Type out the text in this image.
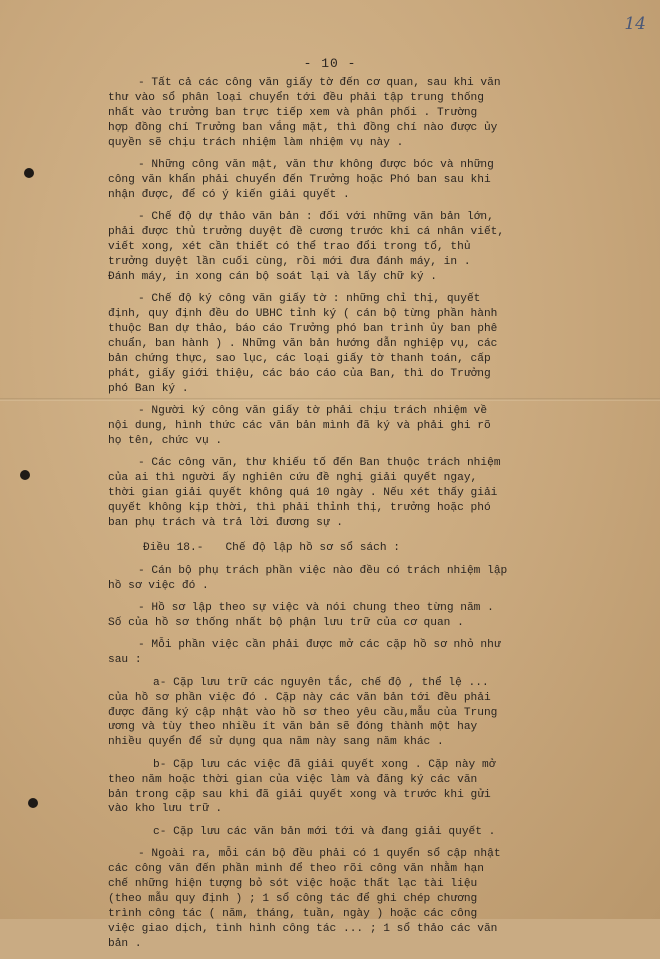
14
- 10 -
- Tất cả các công văn giấy tờ đến cơ quan, sau khi văn
thư vào sổ phân loại chuyển tới đều phải tập trung thống
nhất vào trưởng ban trực tiếp xem và phân phối . Trường
hợp đồng chí Trưởng ban vắng mặt, thì đồng chí nào được ủy
quyền sẽ chịu trách nhiệm làm nhiệm vụ này .
- Những công văn mật, văn thư không được bóc và những
công văn khẩn phải chuyển đến Trưởng hoặc Phó ban sau khi
nhận được, để có ý kiến giải quyết .
- Chế độ dự thảo văn bản : đối với những văn bản lớn,
phải được thủ trưởng duyệt đề cương trước khi cá nhân viết,
viết xong, xét cần thiết có thể trao đổi trong tổ, thủ
trưởng duyệt lần cuối cùng, rồi mới đưa đánh máy, in .
Đánh máy, in xong cán bộ soát lại và lấy chữ ký .
- Chế độ ký công văn giấy tờ : những chỉ thị, quyết
định, quy định đều do UBHC tỉnh ký ( cán bộ từng phần hành
thuộc Ban dự thảo, báo cáo Trưởng phó ban trình ủy ban phê
chuẩn, ban hành ) . Những văn bản hướng dẫn nghiệp vụ, các
bản chứng thực, sao lục, các loại giấy tờ thanh toán, cấp
phát, giấy giới thiệu, các báo cáo của Ban, thì do Trưởng
phó Ban ký .
- Người ký công văn giấy tờ phải chịu trách nhiệm về
nội dung, hình thức các văn bản mình đã ký và phải ghi rõ
họ tên, chức vụ .
- Các công văn, thư khiếu tố đến Ban thuộc trách nhiệm
của ai thì người ấy nghiên cứu đề nghị giải quyết ngay,
thời gian giải quyết không quá 10 ngày . Nếu xét thấy giải
quyết không kịp thời, thì phải thỉnh thị, trưởng hoặc phó
ban phụ trách và trả lời đương sự .
Điều 18.- Chế độ lập hồ sơ sổ sách :
- Cán bộ phụ trách phần việc nào đều có trách nhiệm lập
hồ sơ việc đó .
- Hồ sơ lập theo sự việc và nói chung theo từng năm .
Số của hồ sơ thống nhất bộ phận lưu trữ của cơ quan .
- Mỗi phần việc cần phải được mở các cặp hồ sơ nhỏ như
sau :
a- Cặp lưu trữ các nguyên tắc, chế độ , thể lệ ...
của hồ sơ phần việc đó . Cặp này các văn bản tới đều phải
được đăng ký cập nhật vào hồ sơ theo yêu cầu,mẫu của Trung
ương và tùy theo nhiều ít văn bản sẽ đóng thành một hay
nhiều quyển để sử dụng qua năm này sang năm khác .
b- Cặp lưu các việc đã giải quyết xong . Cặp này mở
theo năm hoặc thời gian của việc làm và đăng ký các văn
bản trong cặp sau khi đã giải quyết xong và trước khi gửi
vào kho lưu trữ .
c- Cặp lưu các văn bản mới tới và đang giải quyết .
- Ngoài ra, mỗi cán bộ đều phải có 1 quyển sổ cập nhật
các công văn đến phần mình để theo rõi công văn nhằm hạn
chế những hiện tượng bỏ sót việc hoặc thất lạc tài liệu
(theo mẫu quy định ) ; 1 sổ công tác để ghi chép chương
trình công tác ( năm, tháng, tuần, ngày ) hoặc các công
việc giao dịch, tình hình công tác ... ; 1 sổ thảo các văn
bản .
